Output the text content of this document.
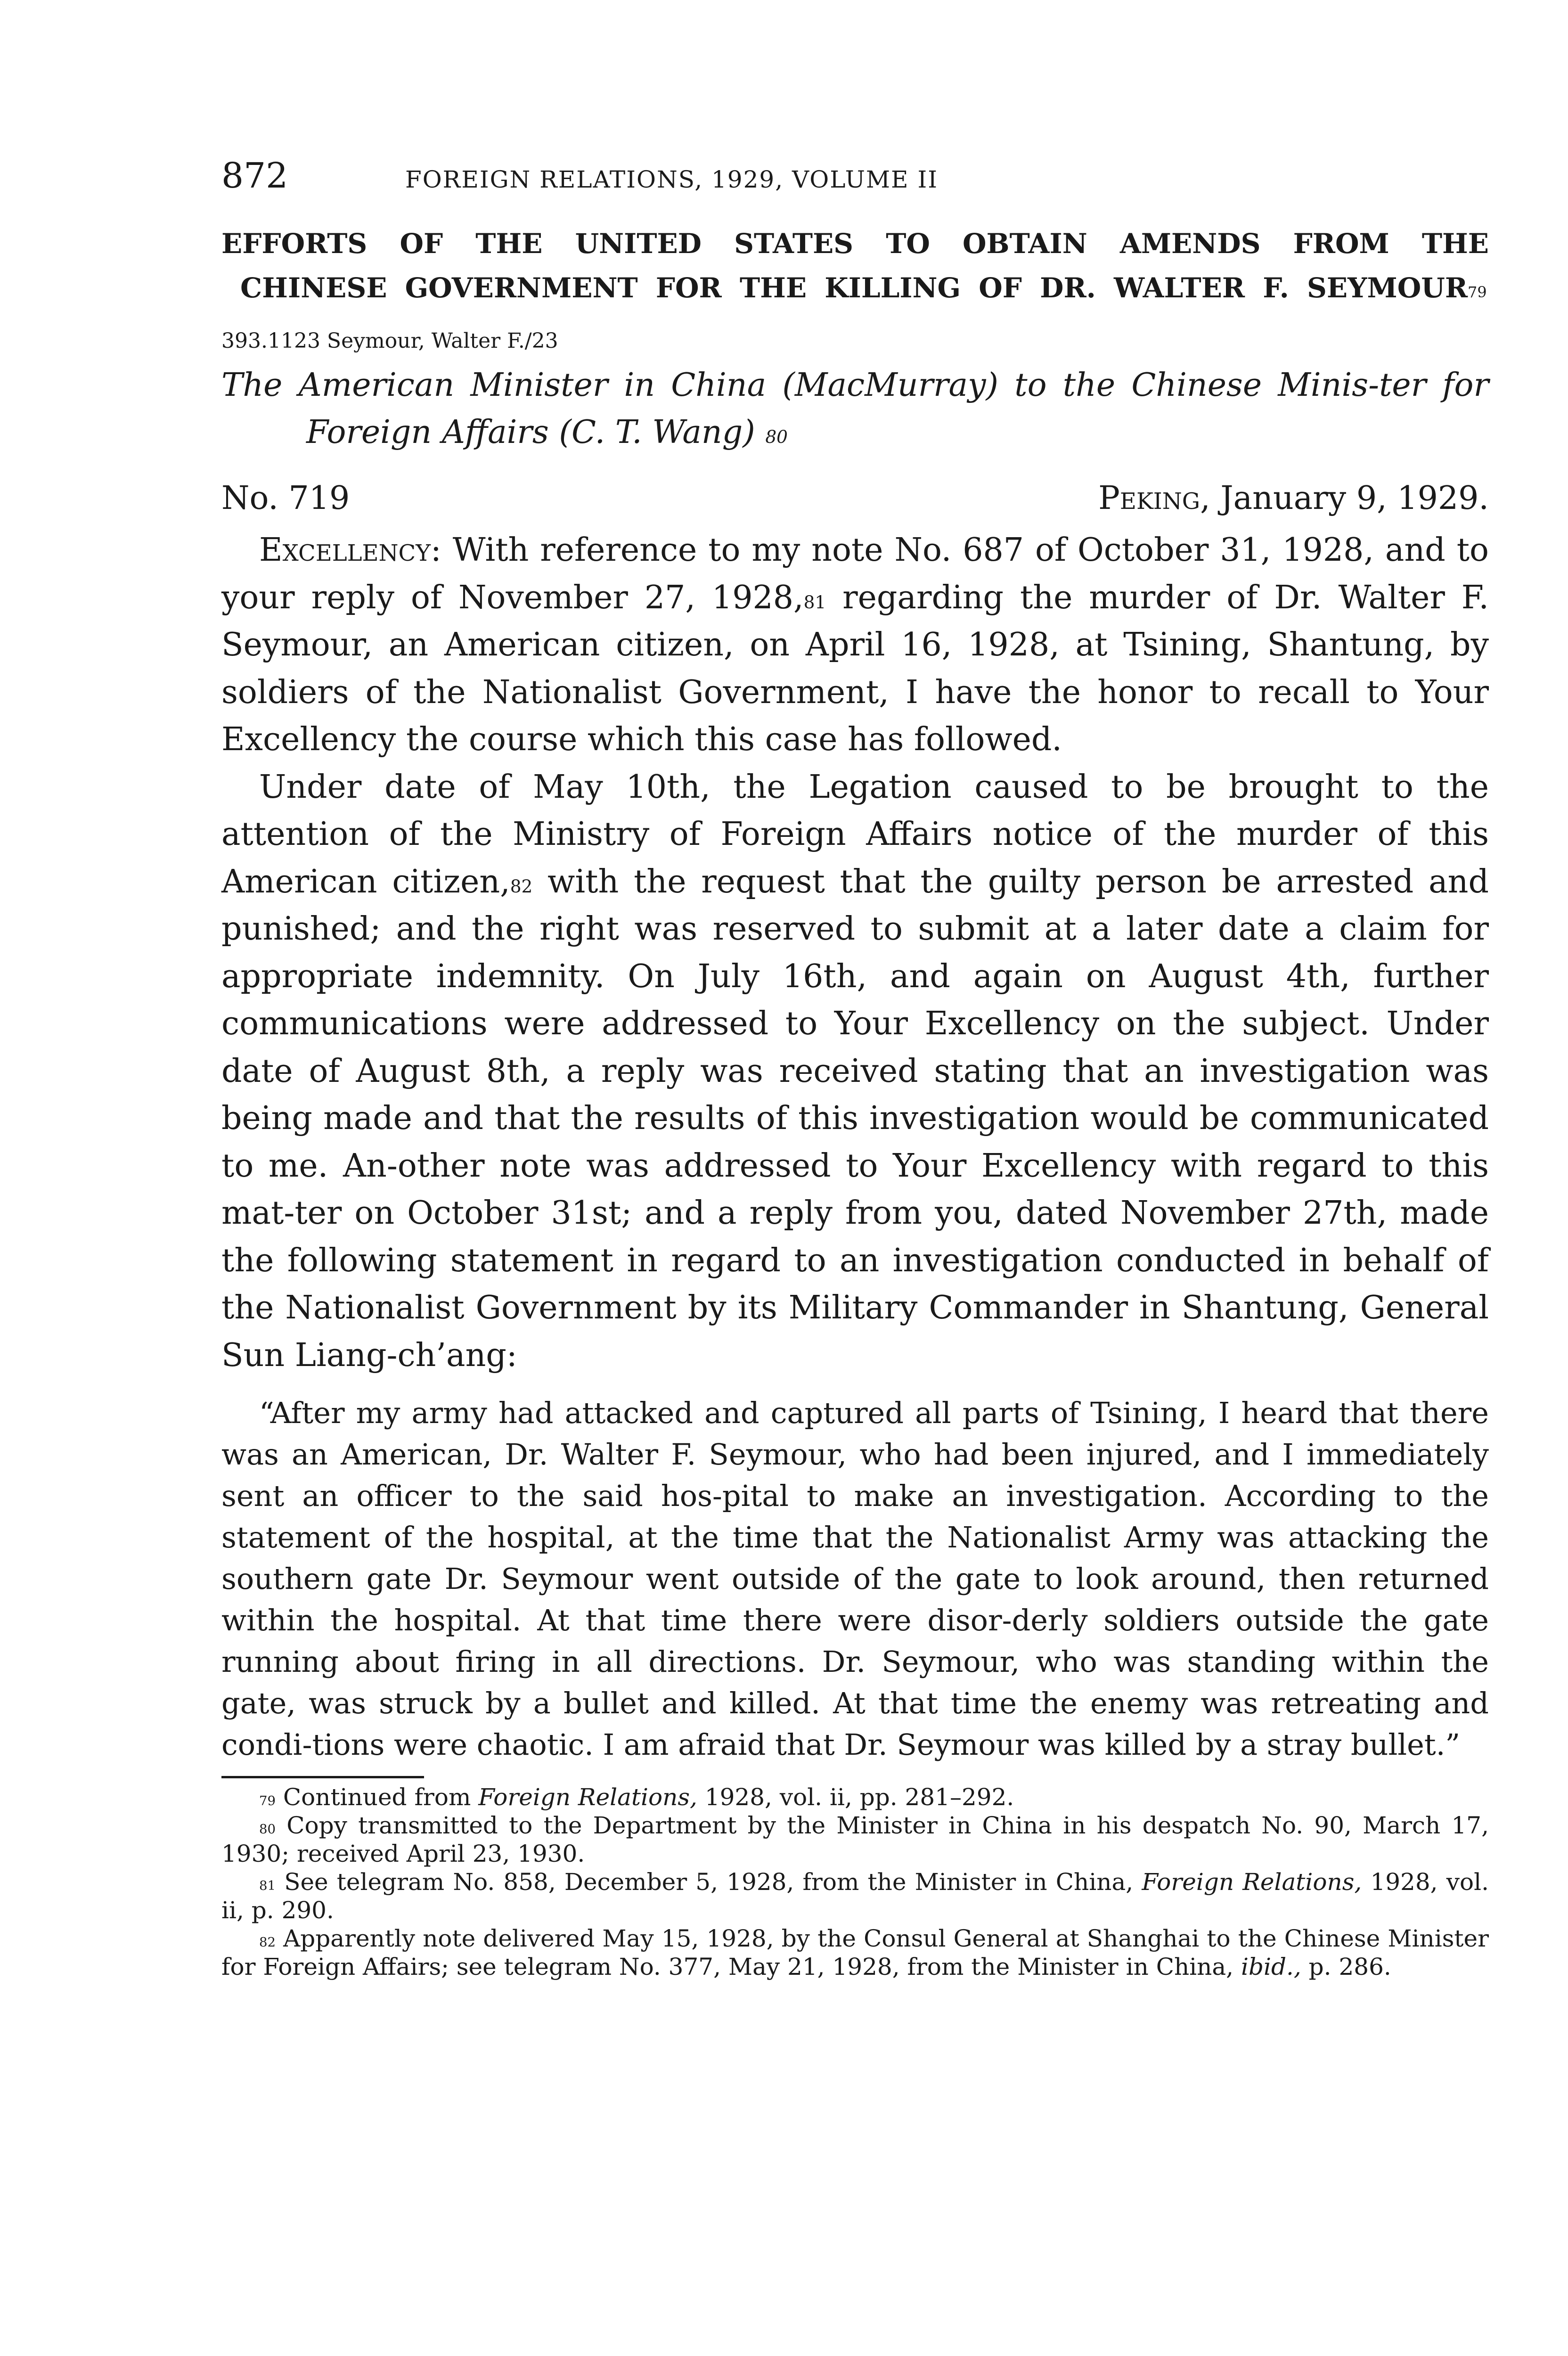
872	FOREIGN RELATIONS, 1929, VOLUME II
EFFORTS OF THE UNITED STATES TO OBTAIN AMENDS FROM THE CHINESE GOVERNMENT FOR THE KILLING OF DR. WALTER F. SEYMOUR$^{79}$
393.1123 Seymour, Walter F./23
The American Minister in China (MacMurray) to the Chinese Minis-ter for Foreign Affairs (C. T. Wang) $^{80}$
No. 719	Peking, January 9, 1929.

Excellency: With reference to my note No. 687 of October 31, 1928, and to your reply of November 27, 1928,81 regarding the murder of Dr. Walter F. Seymour, an American citizen, on April 16, 1928, at Tsining, Shantung, by soldiers of the Nationalist Government, I have the honor to recall to Your Excellency the course which this case has followed.

Under date of May 10th, the Legation caused to be brought to the attention of the Ministry of Foreign Affairs notice of the murder of this American citizen,$^{82}$ with the request that the guilty person be arrested and punished; and the right was reserved to submit at a later date a claim for appropriate indemnity. On July 16th, and again on August 4th, further communications were addressed to Your Excellency on the subject. Under date of August 8th, a reply was received stating that an investigation was being made and that the results of this investigation would be communicated to me. An-other note was addressed to Your Excellency with regard to this mat-ter on October 31st; and a reply from you, dated November 27th, made the following statement in regard to an investigation conducted in behalf of the Nationalist Government by its Military Commander in Shantung, General Sun Liang-ch’ang:

“After my army had attacked and captured all parts of Tsining, I heard that there was an American, Dr. Walter F. Seymour, who had been injured, and I immediately sent an officer to the said hos-pital to make an investigation. According to the statement of the hospital, at the time that the Nationalist Army was attacking the southern gate Dr. Seymour went outside of the gate to look around, then returned within the hospital. At that time there were disor-derly soldiers outside the gate running about firing in all directions. Dr. Seymour, who was standing within the gate, was struck by a bullet and killed. At that time the enemy was retreating and condi-tions were chaotic. I am afraid that Dr. Seymour was killed by a stray bullet.”

$^{79}$ Continued from Foreign Relations, 1928, vol. ii, pp. 281–292.

$^{80}$ Copy transmitted to the Department by the Minister in China in his despatch No. 90, March 17, 1930; received April 23, 1930.

$^{81}$ See telegram No. 858, December 5, 1928, from the Minister in China, Foreign Relations, 1928, vol. ii, p. 290.

$^{82}$ Apparently note delivered May 15, 1928, by the Consul General at Shanghai to the Chinese Minister for Foreign Affairs; see telegram No. 377, May 21, 1928, from the Minister in China, ibid., p. 286.
